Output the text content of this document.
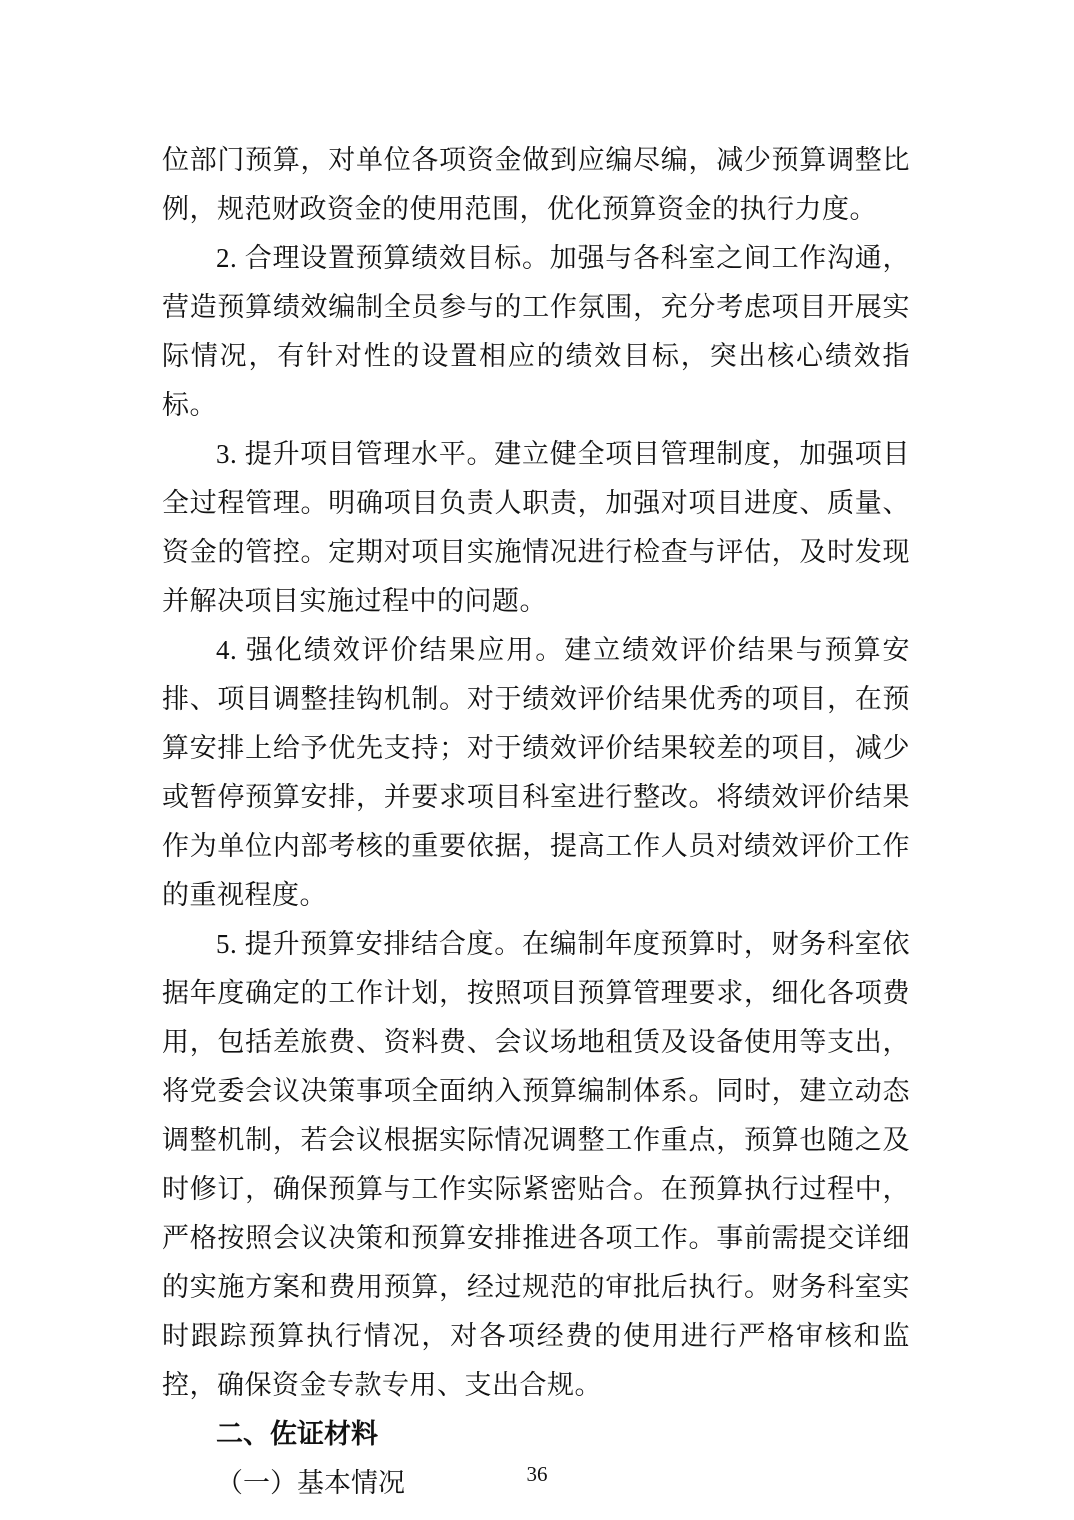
位部门预算，对单位各项资金做到应编尽编，减少预算调整比例，规范财政资金的使用范围，优化预算资金的执行力度。

2. 合理设置预算绩效目标。加强与各科室之间工作沟通，营造预算绩效编制全员参与的工作氛围，充分考虑项目开展实际情况，有针对性的设置相应的绩效目标，突出核心绩效指标。

3. 提升项目管理水平。建立健全项目管理制度，加强项目全过程管理。明确项目负责人职责，加强对项目进度、质量、资金的管控。定期对项目实施情况进行检查与评估，及时发现并解决项目实施过程中的问题。

4. 强化绩效评价结果应用。建立绩效评价结果与预算安排、项目调整挂钩机制。对于绩效评价结果优秀的项目，在预算安排上给予优先支持；对于绩效评价结果较差的项目，减少或暂停预算安排，并要求项目科室进行整改。将绩效评价结果作为单位内部考核的重要依据，提高工作人员对绩效评价工作的重视程度。

5. 提升预算安排结合度。在编制年度预算时，财务科室依据年度确定的工作计划，按照项目预算管理要求，细化各项费用，包括差旅费、资料费、会议场地租赁及设备使用等支出，将党委会议决策事项全面纳入预算编制体系。同时，建立动态调整机制，若会议根据实际情况调整工作重点，预算也随之及时修订，确保预算与工作实际紧密贴合。在预算执行过程中，严格按照会议决策和预算安排推进各项工作。事前需提交详细的实施方案和费用预算，经过规范的审批后执行。财务科室实时跟踪预算执行情况，对各项经费的使用进行严格审核和监控，确保资金专款专用、支出合规。

二、佐证材料
（一）基本情况	36
